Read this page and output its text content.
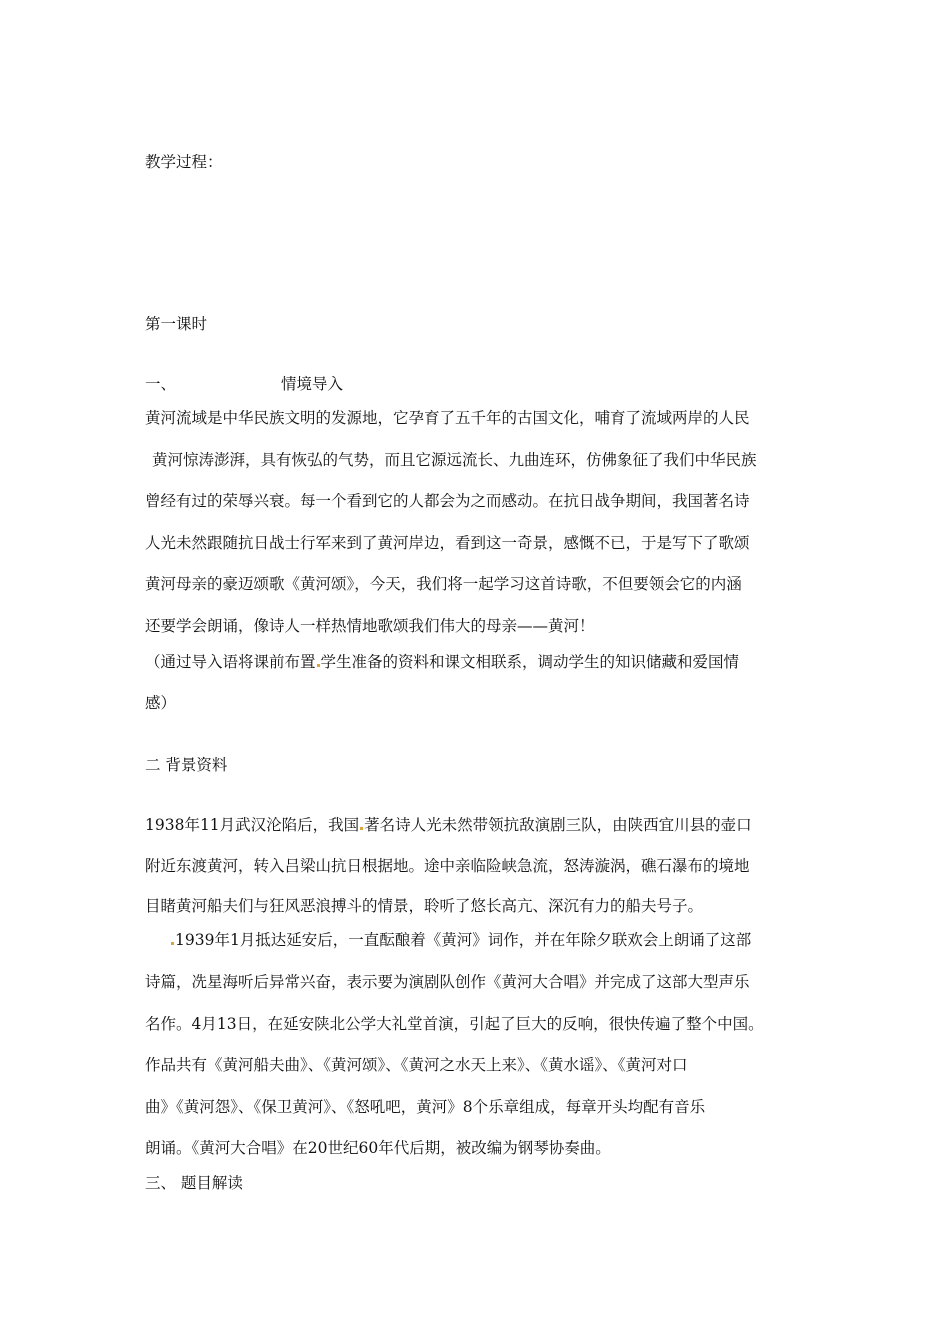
教学过程：

第一课时

一、	情境导入

黄河流域是中华民族文明的发源地，它孕育了五千年的古国文化，哺育了流域两岸的人民

黄河惊涛澎湃，具有恢弘的气势，而且它源远流长、九曲连环，仿佛象征了我们中华民族

曾经有过的荣辱兴衰。每一个看到它的人都会为之而感动。在抗日战争期间，我国著名诗

人光未然跟随抗日战士行军来到了黄河岸边，看到这一奇景，感慨不已，于是写下了歌颂

黄河母亲的豪迈颂歌《黄河颂》，今天，我们将一起学习这首诗歌，不但要领会它的内涵

还要学会朗诵，像诗人一样热情地歌颂我们伟大的母亲——黄河！

（通过导入语将课前布置 学生准备的资料和课文相联系，调动学生的知识储藏和爱国情

感）

二 背景资料

1938年11月武汉沦陷后，我国 著名诗人光未然带领抗敌演剧三队，由陕西宜川县的壶口

附近东渡黄河，转入吕梁山抗日根据地。途中亲临险峡急流，怒涛漩涡，礁石瀑布的境地

目睹黄河船夫们与狂风恶浪搏斗的情景，聆听了悠长高亢、深沉有力的船夫号子。

1939年1月抵达延安后，一直酝酿着《黄河》词作，并在年除夕联欢会上朗诵了这部

诗篇，冼星海听后异常兴奋，表示要为演剧队创作《黄河大合唱》并完成了这部大型声乐

名作。4月13日，在延安陕北公学大礼堂首演，引起了巨大的反响，很快传遍了整个中国。

作品共有《黄河船夫曲》、《黄河颂》、《黄河之水天上来》、《黄水谣》、《黄河对口

曲》《黄河怨》、《保卫黄河》、《怒吼吧，黄河》8个乐章组成，每章开头均配有音乐

朗诵。《黄河大合唱》在20世纪60年代后期，被改编为钢琴协奏曲。

三、 题目解读
